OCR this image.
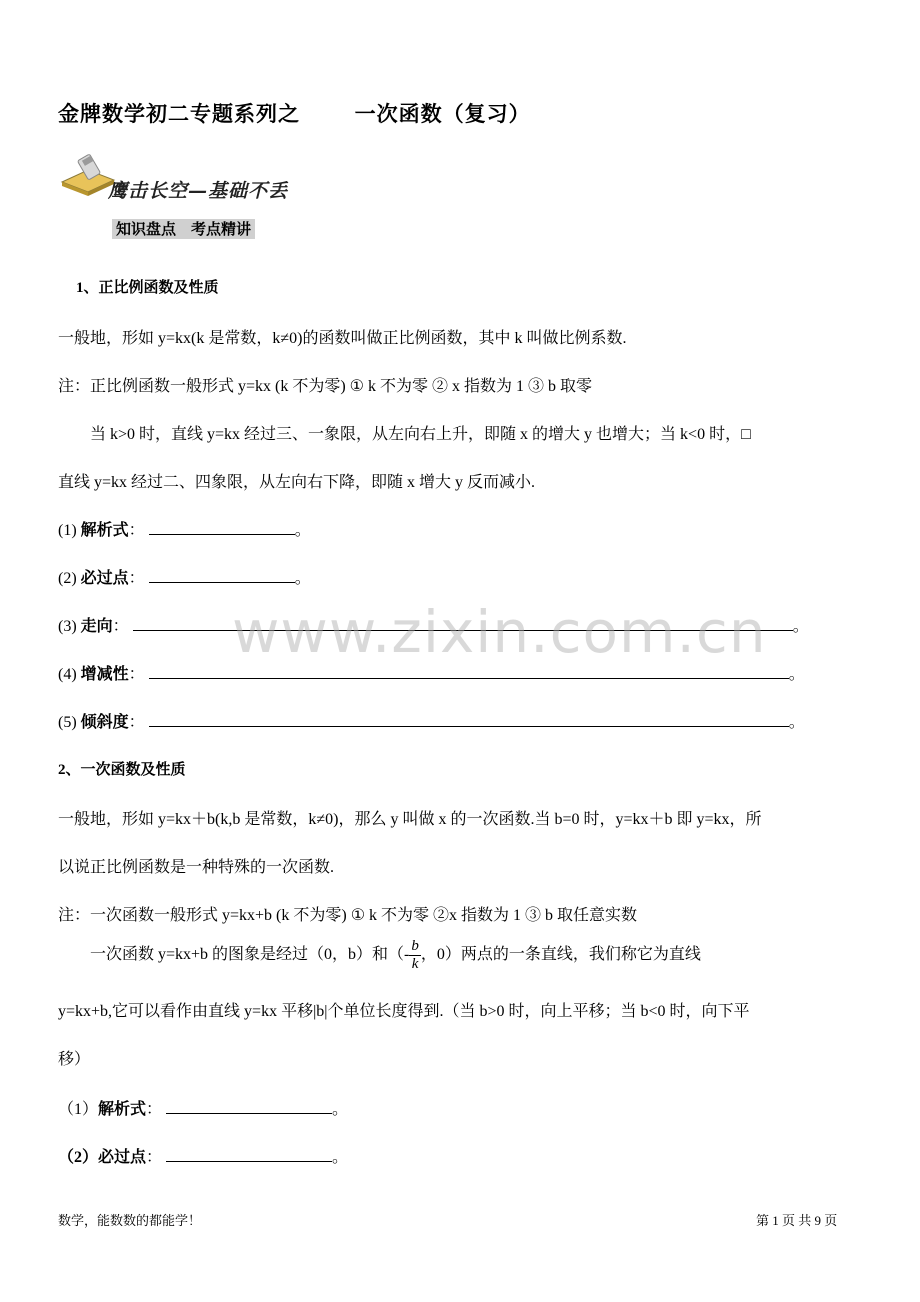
金牌数学初二专题系列之	一次函数（复习）
鹰击长空—基础不丢
知识盘点　考点精讲
1、正比例函数及性质
一般地，形如 y=kx(k 是常数，k≠0)的函数叫做正比例函数，其中 k 叫做比例系数.
注：正比例函数一般形式 y=kx (k 不为零) ① k 不为零 ② x 指数为 1 ③ b 取零
当 k>0 时，直线 y=kx 经过三、一象限，从左向右上升，即随 x 的增大 y 也增大；当 k<0 时，□
直线 y=kx 经过二、四象限，从左向右下降，即随 x 增大 y 反而减小.
(1) 解析式：	。
(2) 必过点：	。
(3) 走向：	。
(4) 增减性：	。
(5) 倾斜度：	。
www.zixin.com.cn
2、一次函数及性质
一般地，形如 y=kx＋b(k,b 是常数，k≠0)，那么 y 叫做 x 的一次函数.当 b=0 时，y=kx＋b 即 y=kx，所
以说正比例函数是一种特殊的一次函数.
注：一次函数一般形式 y=kx+b (k 不为零) ① k 不为零 ②x 指数为 1 ③ b 取任意实数
一次函数 y=kx+b 的图象是经过（0，b）和（- $\frac{b}{k}$ ，0）两点的一条直线，我们称它为直线
y=kx+b,它可以看作由直线 y=kx 平移|b|个单位长度得到.（当 b>0 时，向上平移；当 b<0 时，向下平
移）
（1）解析式：	。
（2）必过点：	。
数学，能数数的都能学！	第 1 页 共 9 页
